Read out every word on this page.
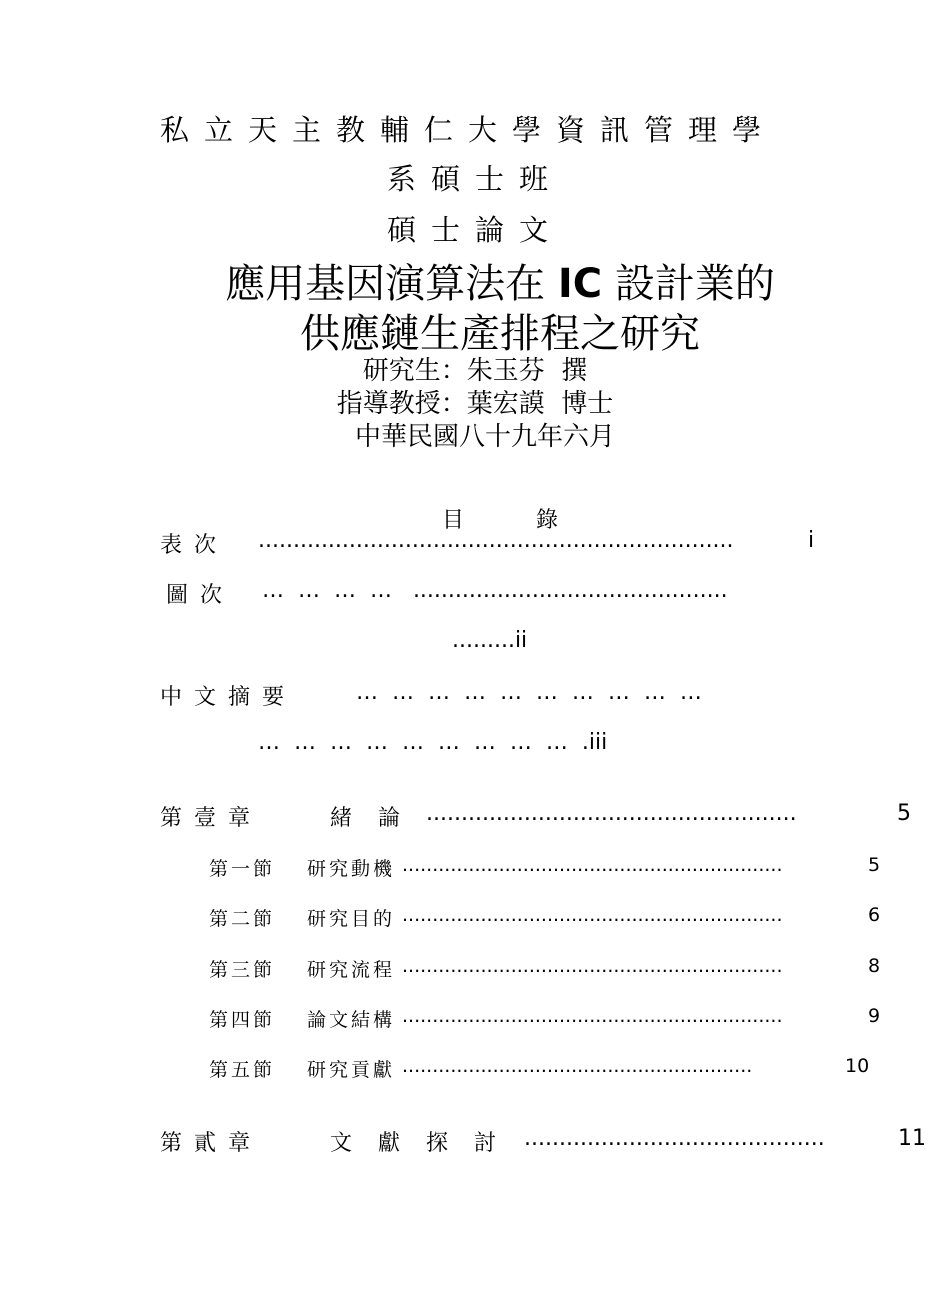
私立天主教輔仁大學資訊管理學
系碩士班
碩士論文
應用基因演算法在 IC 設計業的
供應鏈生產排程之研究
研究生：朱玉芬  撰
指導教授：葉宏謨  博士
中華民國八十九年六月

目	錄

表次 ....................................................................	i
圖次 …  …  …  …   .............................................
.........ii
中文摘要	…  …  …  …  …  …  …  …  …  …
…  …  …  …  …  …  …  …  …  .iii
第壹章	緒論 .....................................................	5
第一節 研究動機 ...............................................................	5
第二節 研究目的 ...............................................................	6
第三節 研究流程 ...............................................................	8
第四節 論文結構 ...............................................................	9
第五節 研究貢獻 ..........................................................	10
第貳章	文獻探討 ...........................................	11
